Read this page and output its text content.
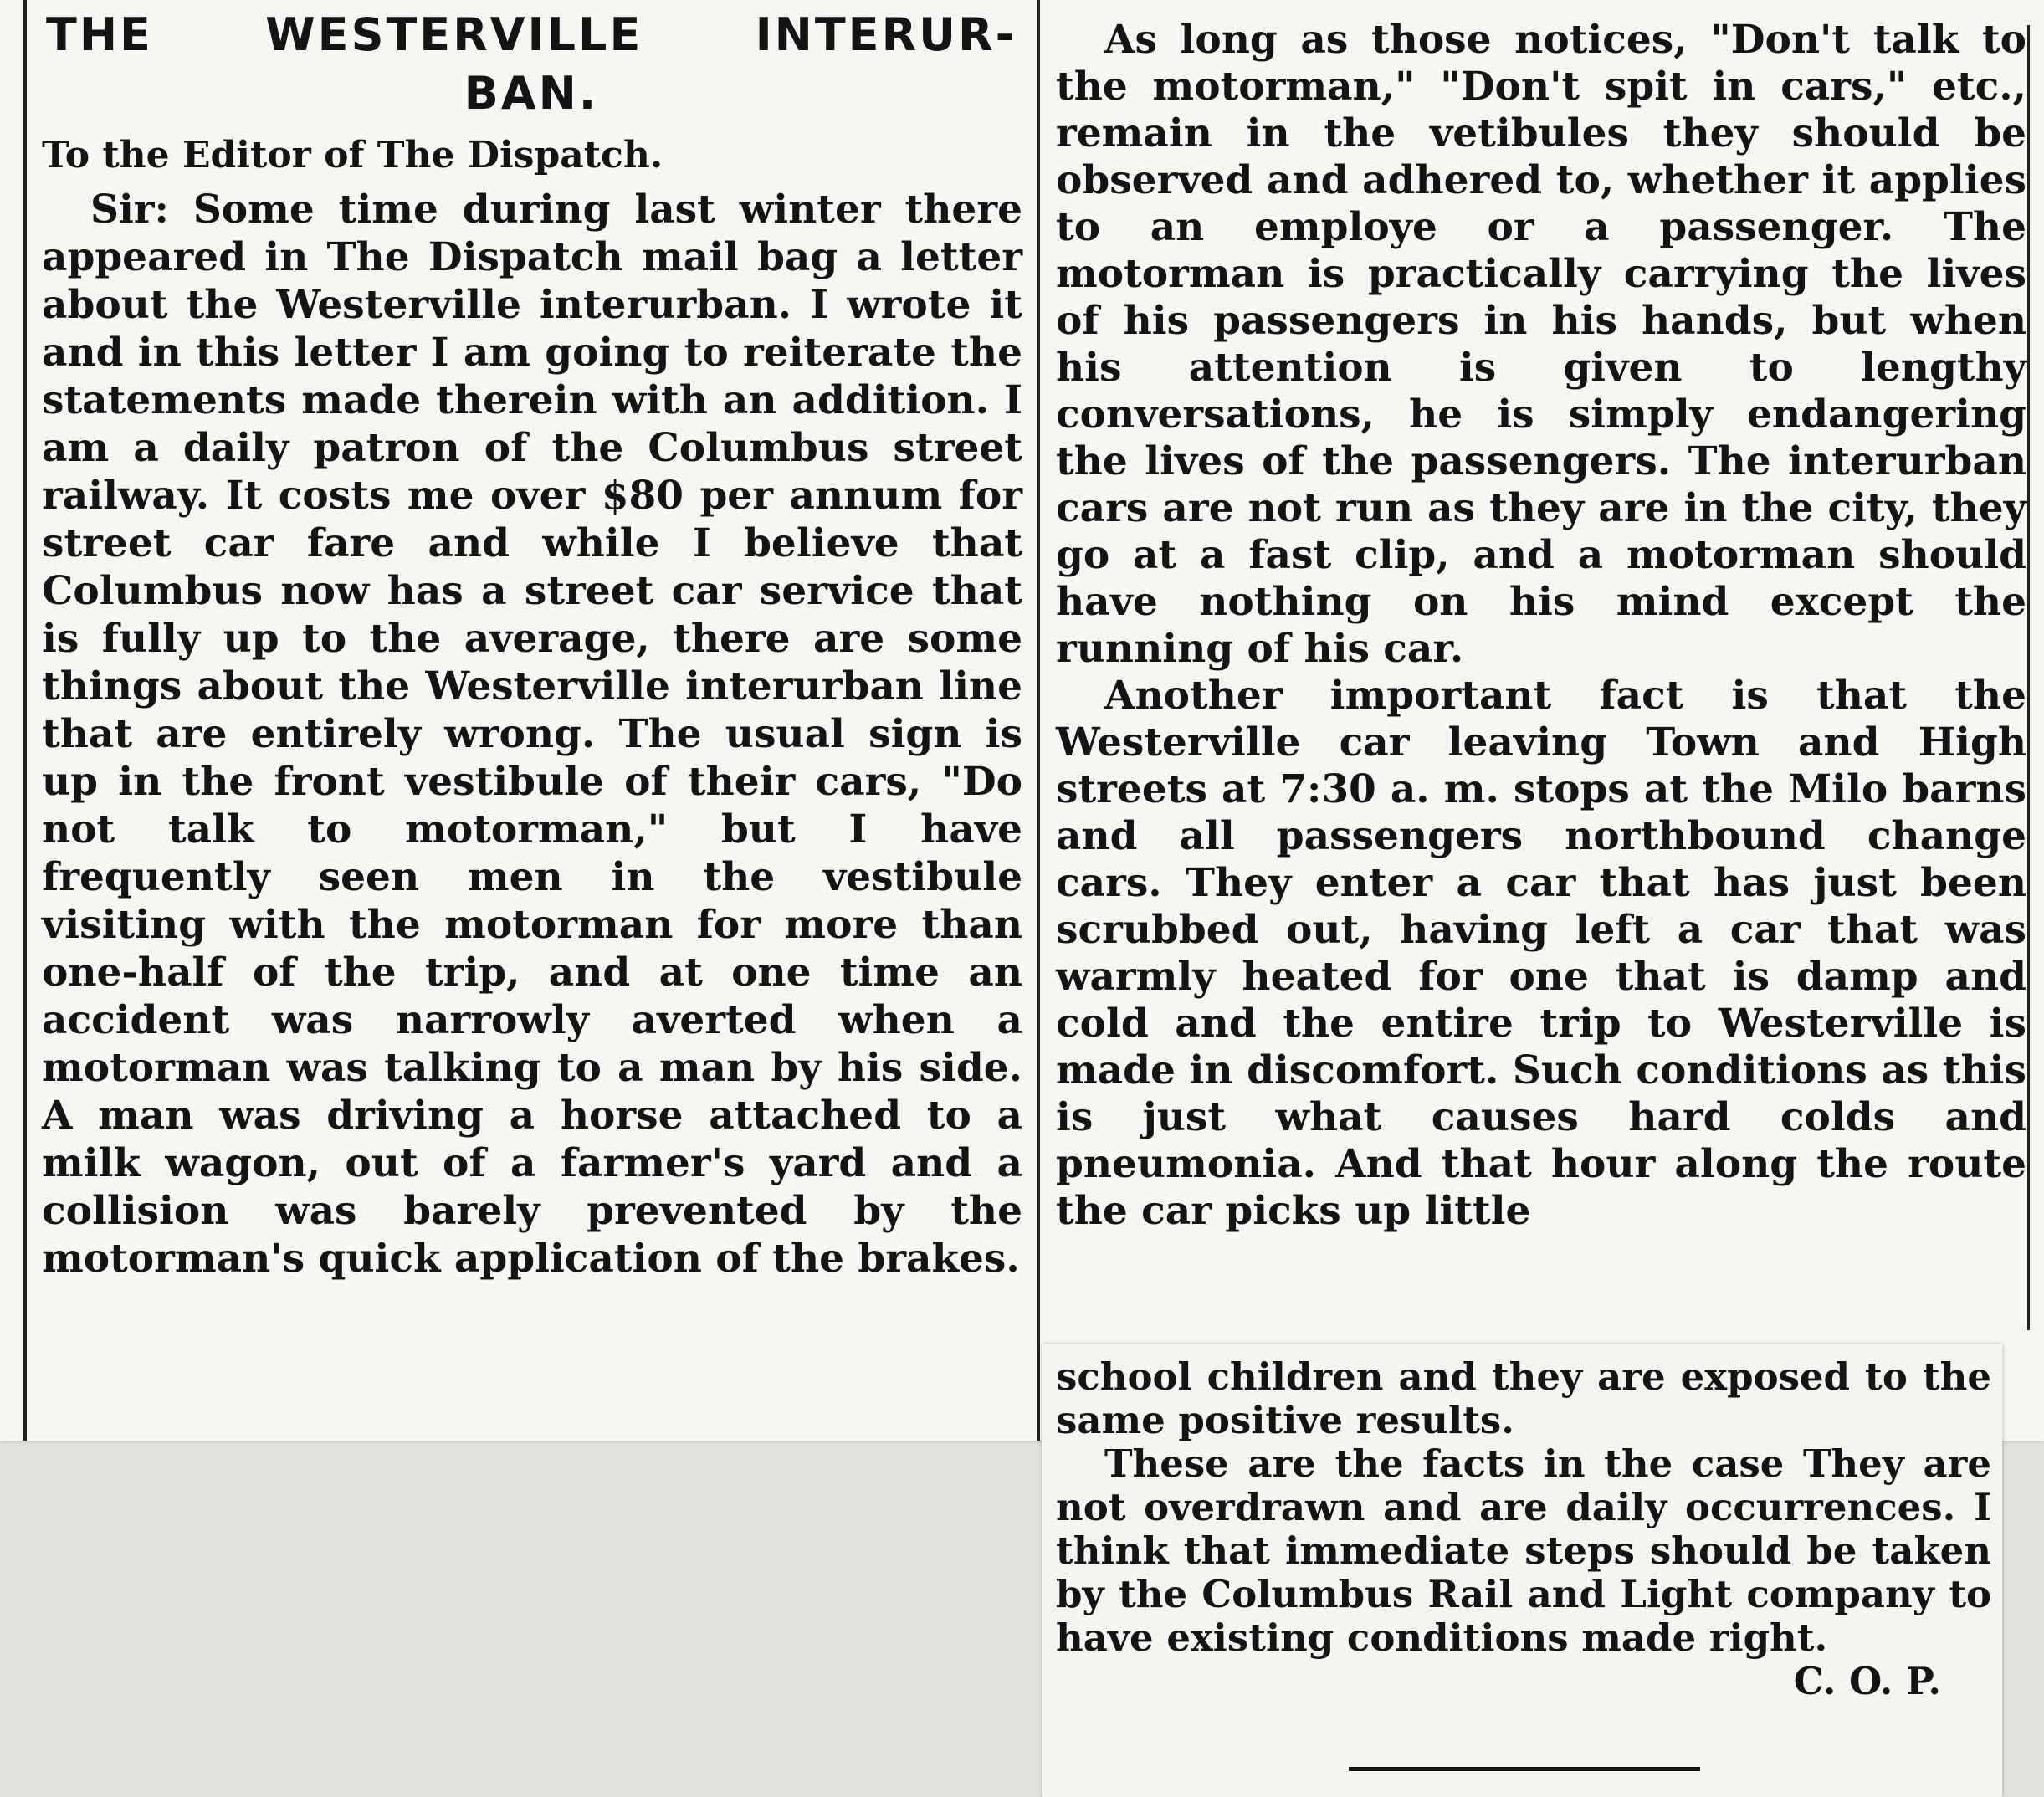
THE WESTERVILLE INTERUR-
BAN.
To the Editor of The Dispatch.

Sir: Some time during last winter there appeared in The Dispatch mail bag a letter about the Westerville interurban. I wrote it and in this letter I am going to reiterate the statements made therein with an addition. I am a daily patron of the Columbus street railway. It costs me over $80 per annum for street car fare and while I believe that Columbus now has a street car service that is fully up to the average, there are some things about the Westerville interurban line that are entirely wrong. The usual sign is up in the front vestibule of their cars, "Do not talk to motorman," but I have frequently seen men in the vestibule visiting with the motorman for more than one-half of the trip, and at one time an accident was narrowly averted when a motorman was talking to a man by his side. A man was driving a horse attached to a milk wagon, out of a farmer's yard and a collision was barely prevented by the motorman's quick application of the brakes.

As long as those notices, "Don't talk to the motorman," "Don't spit in cars," etc., remain in the vetibules they should be observed and adhered to, whether it applies to an employe or a passenger. The motorman is practically carrying the lives of his passengers in his hands, but when his attention is given to lengthy conversations, he is simply endangering the lives of the passengers. The interurban cars are not run as they are in the city, they go at a fast clip, and a motorman should have nothing on his mind except the running of his car.

Another important fact is that the Westerville car leaving Town and High streets at 7:30 a. m. stops at the Milo barns and all passengers northbound change cars. They enter a car that has just been scrubbed out, having left a car that was warmly heated for one that is damp and cold and the entire trip to Westerville is made in discomfort. Such conditions as this is just what causes hard colds and pneumonia. And that hour along the route the car picks up little

school children and they are exposed to the same positive results.

These are the facts in the case They are not overdrawn and are daily occurrences. I think that immediate steps should be taken by the Columbus Rail and Light company to have existing conditions made right.

C. O. P.
